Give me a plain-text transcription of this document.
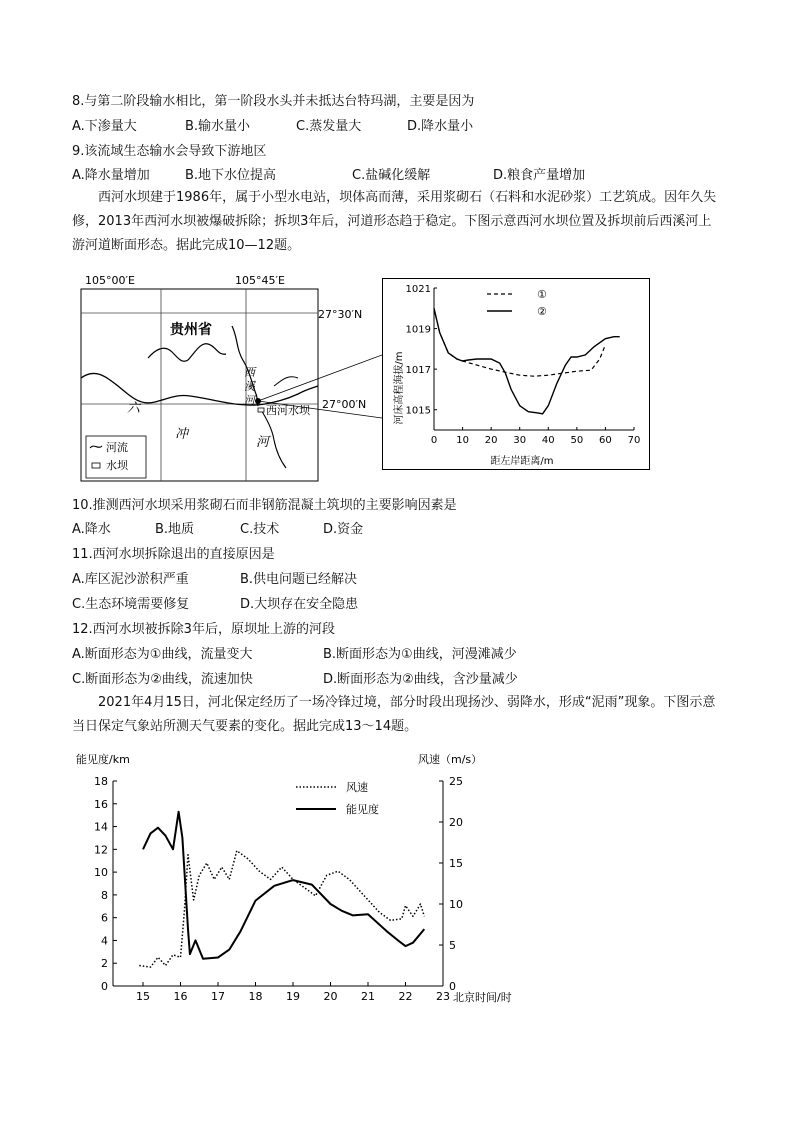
8.与第二阶段输水相比，第一阶段水头并未抵达台特玛湖，主要是因为
A.下渗量大	B.输水量小	C.蒸发量大	D.降水量小
9.该流域生态输水会导致下游地区
A.降水量增加	B.地下水位提高	C.盐碱化缓解	D.粮食产量增加
西河水坝建于1986年，属于小型水电站，坝体高而薄，采用浆砌石（石料和水泥砂浆）工艺筑成。因年久失修，2013年西河水坝被爆破拆除；拆坝3年后，河道形态趋于稳定。下图示意西河水坝位置及拆坝前后西溪河上游河道断面形态。据此完成10—12题。
105°00′E	105°45′E
27°30′N
27°00′N
贵州省
六
冲
河
西
溪
河
西河水坝
河流
水坝
河床高程海拔/m
距左岸距离/m
①
②
0 10 20 30 40 50 60 70
1015
1017
1019
1021
10.推测西河水坝采用浆砌石而非钢筋混凝土筑坝的主要影响因素是
A.降水	B.地质	C.技术	D.资金
11.西河水坝拆除退出的直接原因是
A.库区泥沙淤积严重	B.供电问题已经解决
C.生态环境需要修复	D.大坝存在安全隐患
12.西河水坝被拆除3年后，原坝址上游的河段
A.断面形态为①曲线，流量变大	B.断面形态为①曲线，河漫滩减少
C.断面形态为②曲线，流速加快	D.断面形态为②曲线，含沙量减少
2021年4月15日，河北保定经历了一场冷锋过境，部分时段出现扬沙、弱降水，形成“泥雨”现象。下图示意当日保定气象站所测天气要素的变化。据此完成13～14题。
能见度/km	风速（m/s）
北京时间/时
风速
能见度
15 16 17 18 19 20 21 22 23
0
2
4
6
8
10
12
14
16
18
0
5
10
15
20
25
